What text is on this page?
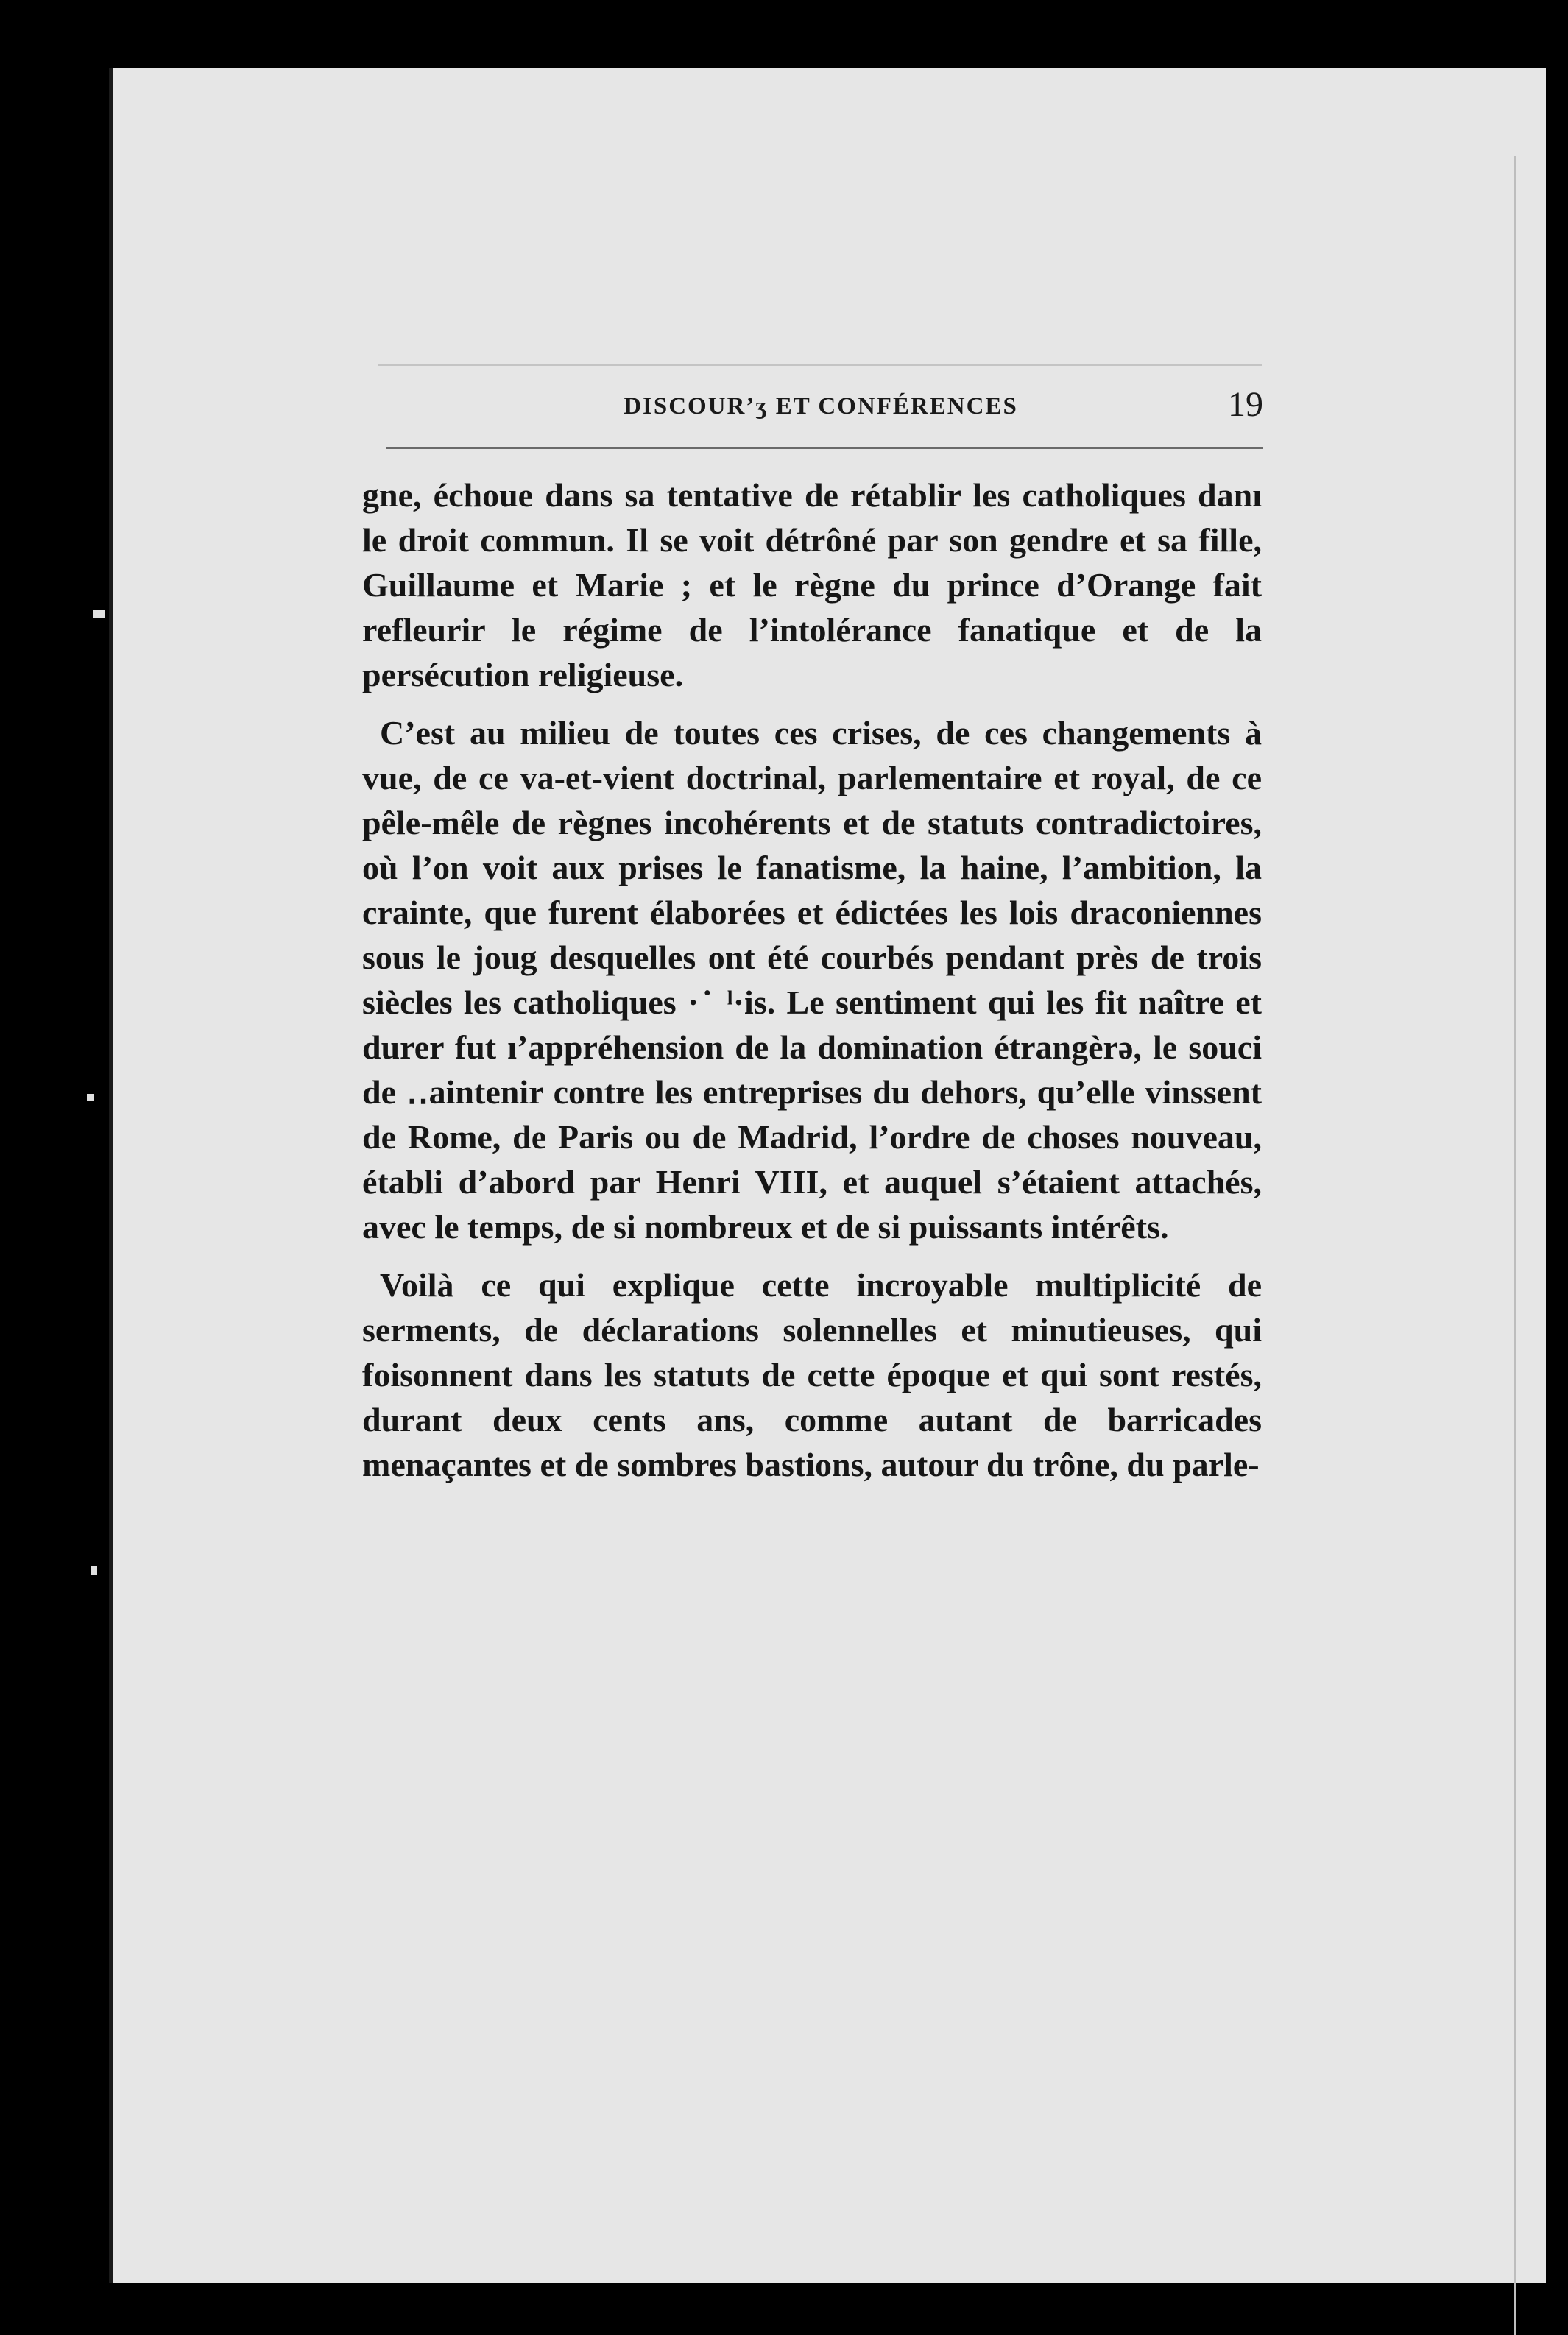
DISCOUR’ʒ ET CONFÉRENCES	19

gne, échoue dans sa tentative de rétablir les catholiques danı le droit commun. Il se voit détrôné par son gendre et sa fille, Guillaume et Marie ; et le règne du prince d’Orange fait refleurir le régime de l’intolérance fanatique et de la persécution religieuse.

C’est au milieu de toutes ces crises, de ces changements à vue, de ce va-et-vient doctrinal, parlementaire et royal, de ce pêle-mêle de règnes incohérents et de statuts contradictoires, où l’on voit aux prises le fanatisme, la haine, l’ambition, la crainte, que furent élaborées et édictées les lois draconiennes sous le joug desquelles ont été courbés pendant près de trois siècles les catholiques ·˙ ˡ·is. Le sentiment qui les fit naître et durer fut ı’appréhension de la domination étrangèrə, le souci de ‥aintenir contre les entreprises du dehors, qu’elle vinssent de Rome, de Paris ou de Madrid, l’ordre de choses nouveau, établi d’abord par Henri VIII, et auquel s’étaient attachés, avec le temps, de si nombreux et de si puissants intérêts.

Voilà ce qui explique cette incroyable multiplicité de serments, de déclarations solennelles et minutieuses, qui foisonnent dans les statuts de cette époque et qui sont restés, durant deux cents ans, comme autant de barricades menaçantes et de sombres bastions, autour du trône, du parle-
